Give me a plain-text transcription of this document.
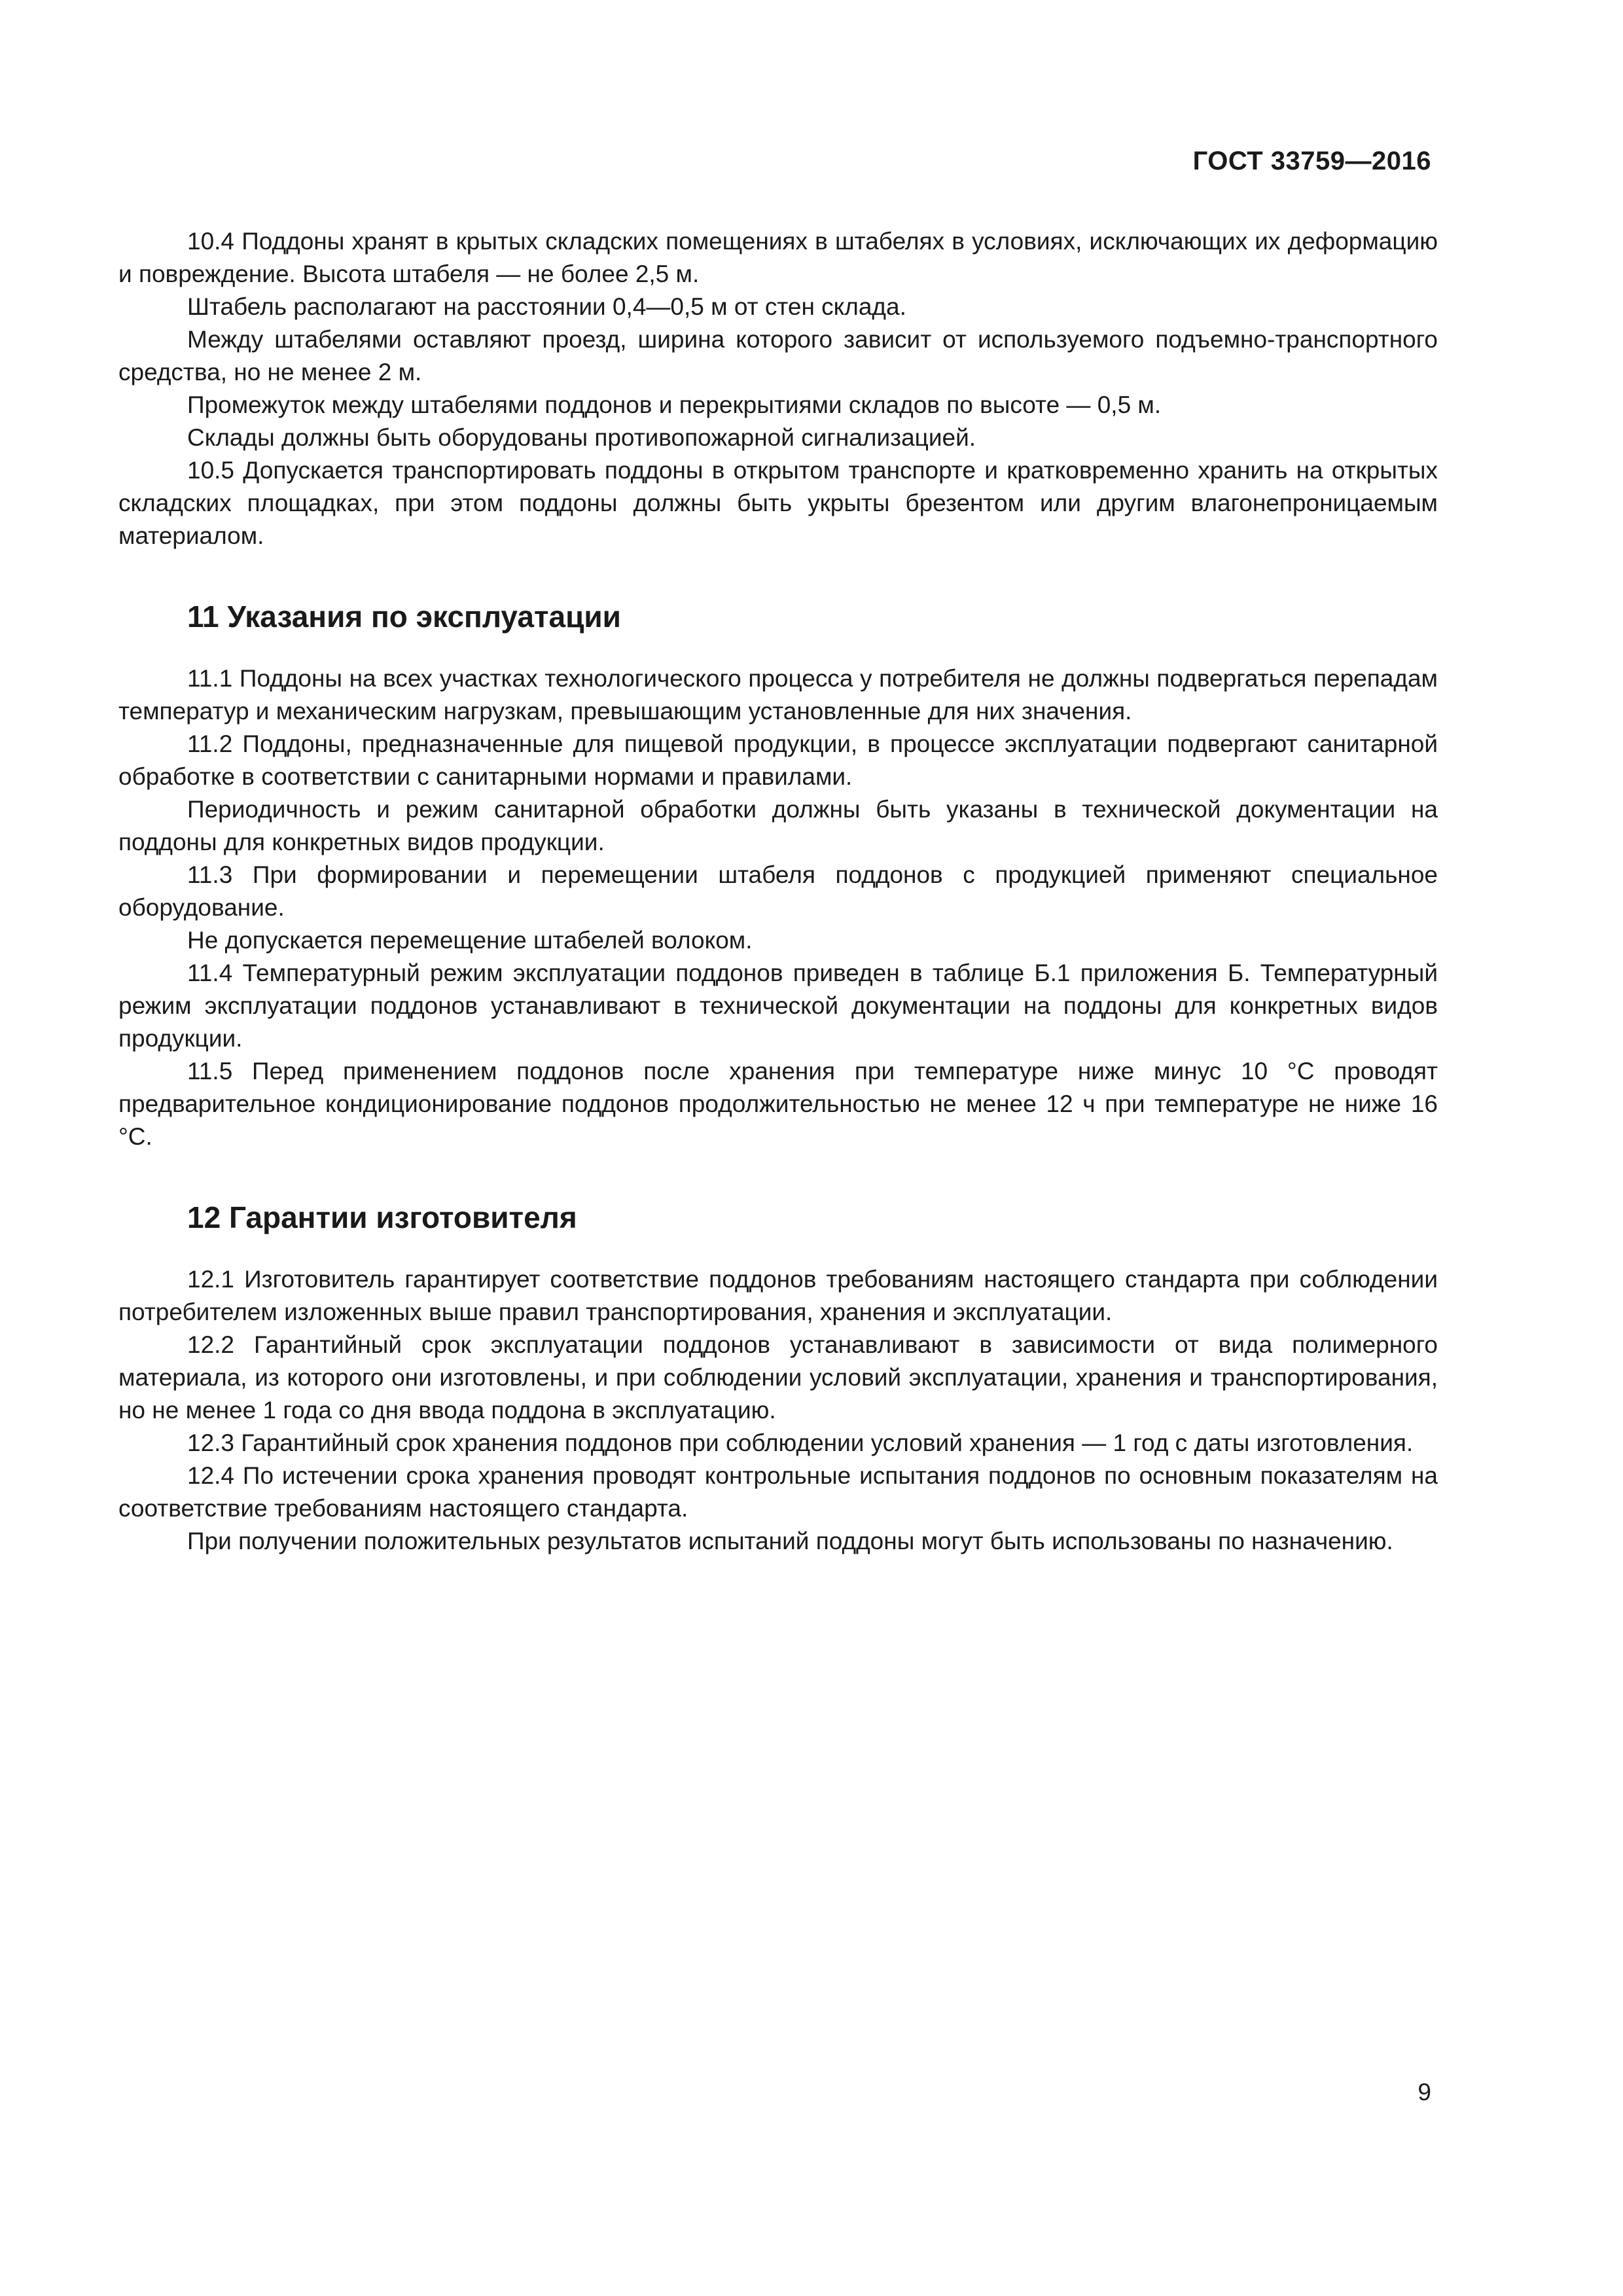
ГОСТ 33759—2016

10.4 Поддоны хранят в крытых складских помещениях в штабелях в условиях, исключающих их деформацию и повреждение. Высота штабеля — не более 2,5 м.

Штабель располагают на расстоянии 0,4—0,5 м от стен склада.

Между штабелями оставляют проезд, ширина которого зависит от используемого подъемно-транспортного средства, но не менее 2 м.

Промежуток между штабелями поддонов и перекрытиями складов по высоте — 0,5 м.

Склады должны быть оборудованы противопожарной сигнализацией.

10.5 Допускается транспортировать поддоны в открытом транспорте и кратковременно хранить на открытых складских площадках, при этом поддоны должны быть укрыты брезентом или другим влагонепроницаемым материалом.

11 Указания по эксплуатации

11.1 Поддоны на всех участках технологического процесса у потребителя не должны подвергаться перепадам температур и механическим нагрузкам, превышающим установленные для них значения.

11.2 Поддоны, предназначенные для пищевой продукции, в процессе эксплуатации подвергают санитарной обработке в соответствии с санитарными нормами и правилами.

Периодичность и режим санитарной обработки должны быть указаны в технической документации на поддоны для конкретных видов продукции.

11.3 При формировании и перемещении штабеля поддонов с продукцией применяют специальное оборудование.

Не допускается перемещение штабелей волоком.

11.4 Температурный режим эксплуатации поддонов приведен в таблице Б.1 приложения Б. Температурный режим эксплуатации поддонов устанавливают в технической документации на поддоны для конкретных видов продукции.

11.5 Перед применением поддонов после хранения при температуре ниже минус 10 °С проводят предварительное кондиционирование поддонов продолжительностью не менее 12 ч при температуре не ниже 16 °С.

12 Гарантии изготовителя

12.1 Изготовитель гарантирует соответствие поддонов требованиям настоящего стандарта при соблюдении потребителем изложенных выше правил транспортирования, хранения и эксплуатации.

12.2 Гарантийный срок эксплуатации поддонов устанавливают в зависимости от вида полимерного материала, из которого они изготовлены, и при соблюдении условий эксплуатации, хранения и транспортирования, но не менее 1 года со дня ввода поддона в эксплуатацию.

12.3 Гарантийный срок хранения поддонов при соблюдении условий хранения — 1 год с даты изготовления.

12.4 По истечении срока хранения проводят контрольные испытания поддонов по основным показателям на соответствие требованиям настоящего стандарта.

При получении положительных результатов испытаний поддоны могут быть использованы по назначению.

9
